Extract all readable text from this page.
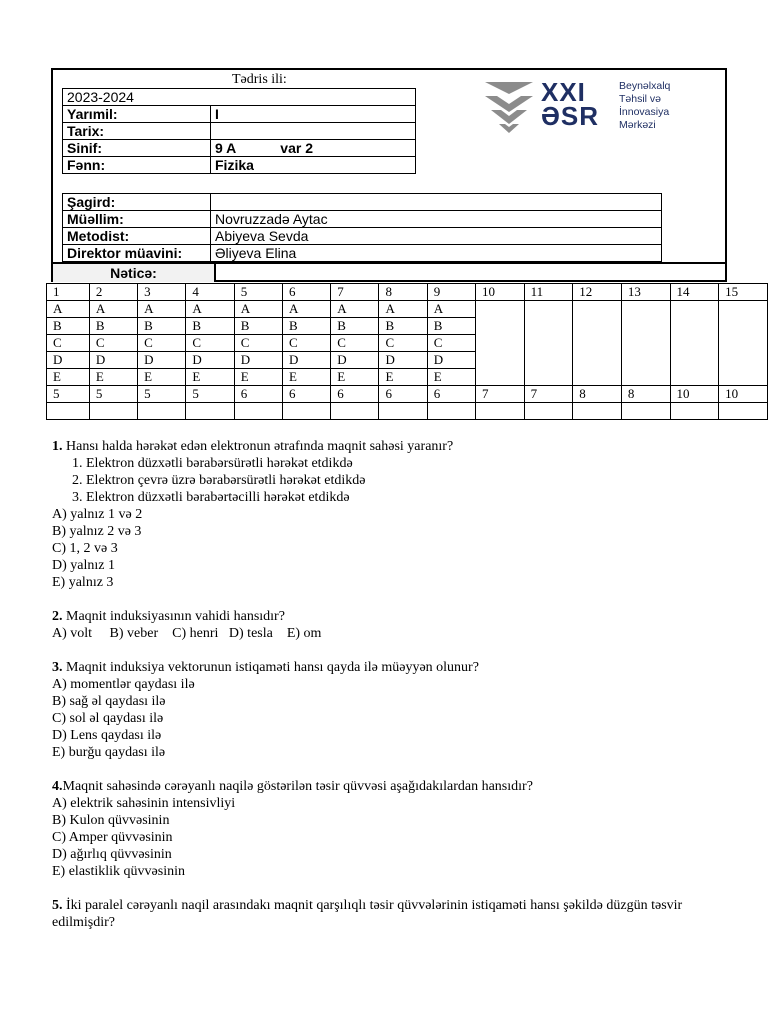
Tədris ili:
2023-2024	
Yarımil:	I
Tarix:	
Sinif:	9 A var 2
Fənn:	Fizika
Şagird:	
Müəllim:	Novruzzadə Aytac
Metodist:	Abiyeva Sevda
Direktor müavini:	Əliyeva Elina
Nəticə:
XXI
ƏSR
Beynəlxalq
Təhsil və
İnnovasiya
Mərkəzi
1	2	3	4	5	6	7	8	9	10	11	12	13	14	15
A	A	A	A	A	A	A	A	A						
B	B	B	B	B	B	B	B	B						
C	C	C	C	C	C	C	C	C						
D	D	D	D	D	D	D	D	D						
E	E	E	E	E	E	E	E	E						
5	5	5	5	6	6	6	6	6	7	7	8	8	10	10

1. Hansı halda hərəkət edən elektronun ətrafında maqnit sahəsi yaranır?
1. Elektron düzxətli bərabərsürətli hərəkət etdikdə
2. Elektron çevrə üzrə bərabərsürətli hərəkət etdikdə
3. Elektron düzxətli bərabərtəcilli hərəkət etdikdə
A) yalnız 1 və 2
B) yalnız 2 və 3
C) 1, 2 və 3
D) yalnız 1
E) yalnız 3
2. Maqnit induksiyasının vahidi hansıdır?
A) volt     B) veber    C) henri   D) tesla    E) om
3. Maqnit induksiya vektorunun istiqaməti hansı qayda ilə müəyyən olunur?
A) momentlər qaydası ilə
B) sağ əl qaydası ilə
C) sol əl qaydası ilə
D) Lens qaydası ilə
E) burğu qaydası ilə
4.Maqnit sahəsində cərəyanlı naqilə göstərilən təsir qüvvəsi aşağıdakılardan hansıdır?
A) elektrik sahəsinin intensivliyi
B) Kulon qüvvəsinin
C) Amper qüvvəsinin
D) ağırlıq qüvvəsinin
E) elastiklik qüvvəsinin
5. İki paralel cərəyanlı naqil arasındakı maqnit qarşılıqlı təsir qüvvələrinin istiqaməti hansı şəkildə düzgün təsvir edilmişdir?
